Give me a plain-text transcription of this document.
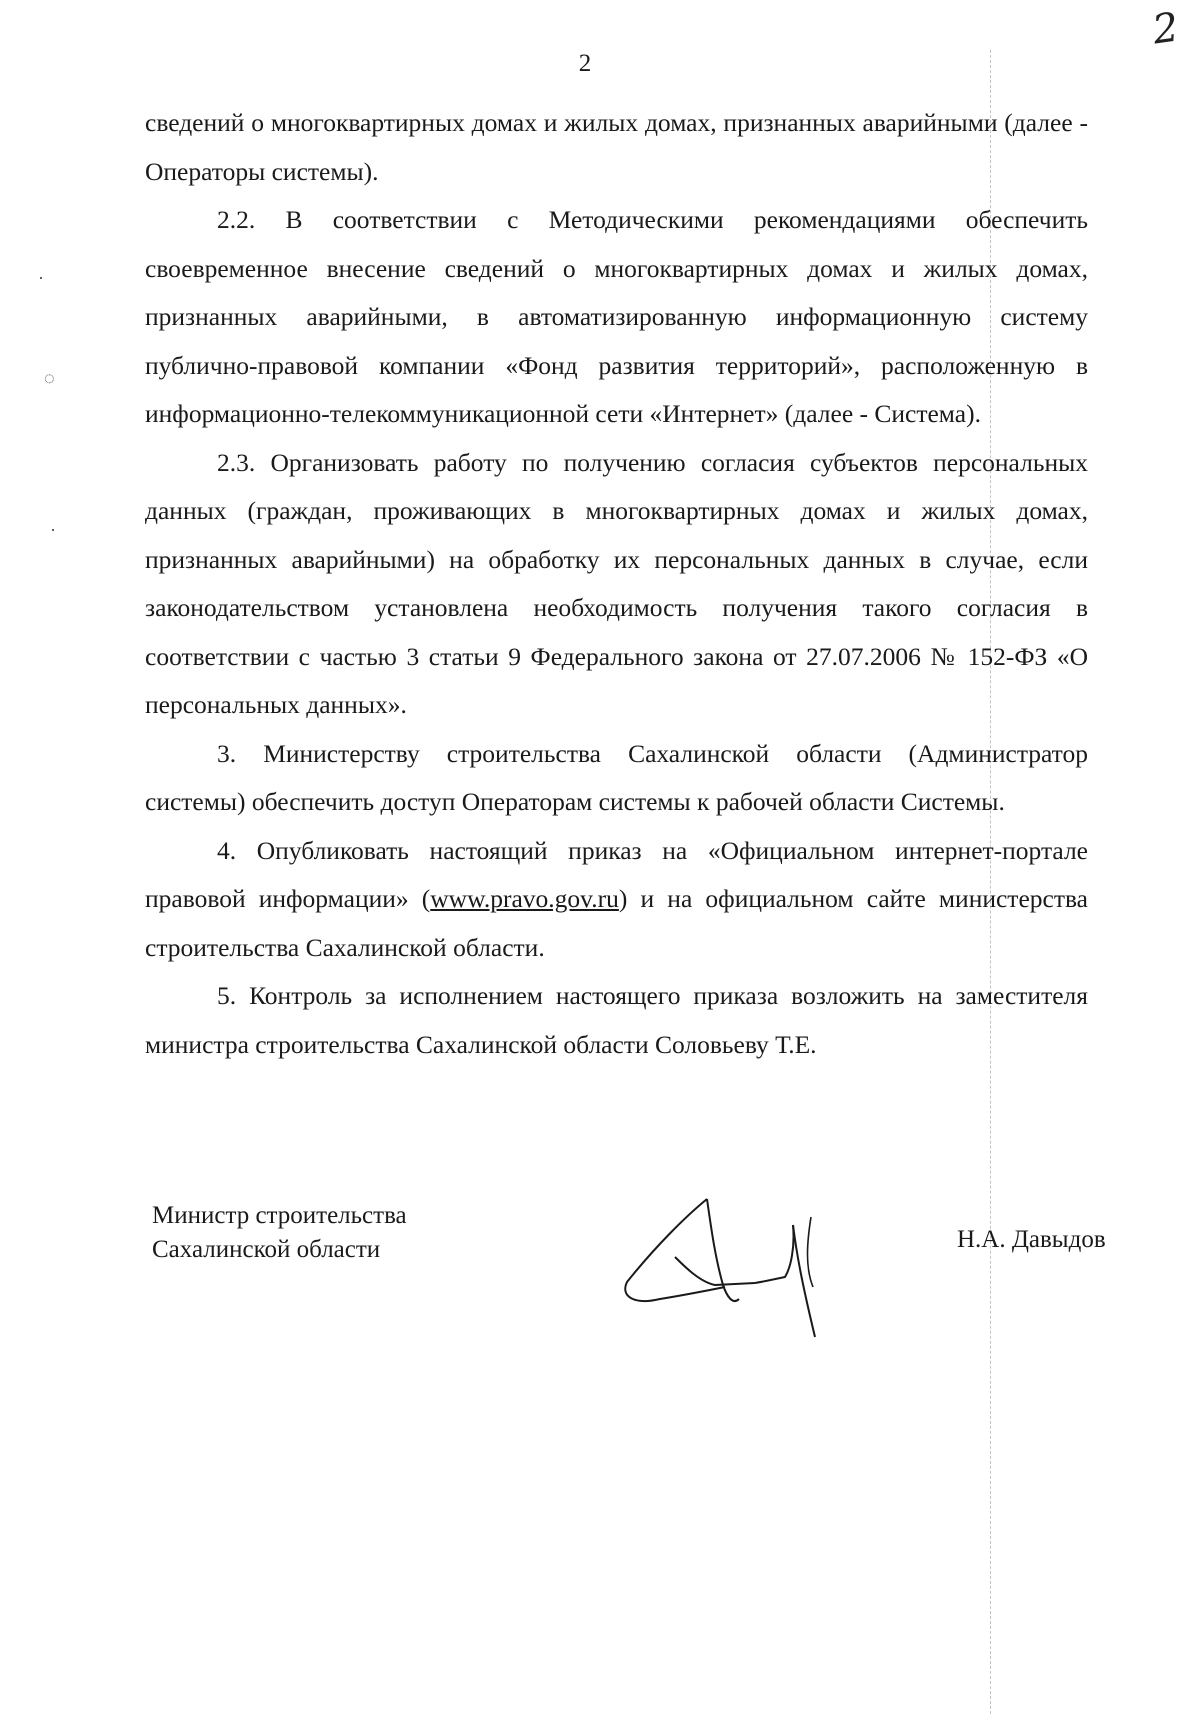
2
2
·
◌
·

сведений о многоквартирных домах и жилых домах, признанных аварийными (далее - Операторы системы).

2.2. В соответствии с Методическими рекомендациями обеспечить своевременное внесение сведений о многоквартирных домах и жилых домах, признанных аварийными, в автоматизированную информационную систему публично-правовой компании «Фонд развития территорий», расположенную в информационно-телекоммуникационной сети «Интернет» (далее - Система).

2.3. Организовать работу по получению согласия субъектов персональных данных (граждан, проживающих в многоквартирных домах и жилых домах, признанных аварийными) на обработку их персональных данных в случае, если законодательством установлена необходимость получения такого согласия в соответствии с частью 3 статьи 9 Федерального закона от 27.07.2006 № 152-ФЗ «О персональных данных».

3. Министерству строительства Сахалинской области (Администратор системы) обеспечить доступ Операторам системы к рабочей области Системы.

4. Опубликовать настоящий приказ на «Официальном интернет-портале правовой информации» (www.pravo.gov.ru) и на официальном сайте министерства строительства Сахалинской области.

5. Контроль за исполнением настоящего приказа возложить на заместителя министра строительства Сахалинской области Соловьеву Т.Е.

Министр строительства
Сахалинской области	Н.А. Давыдов
